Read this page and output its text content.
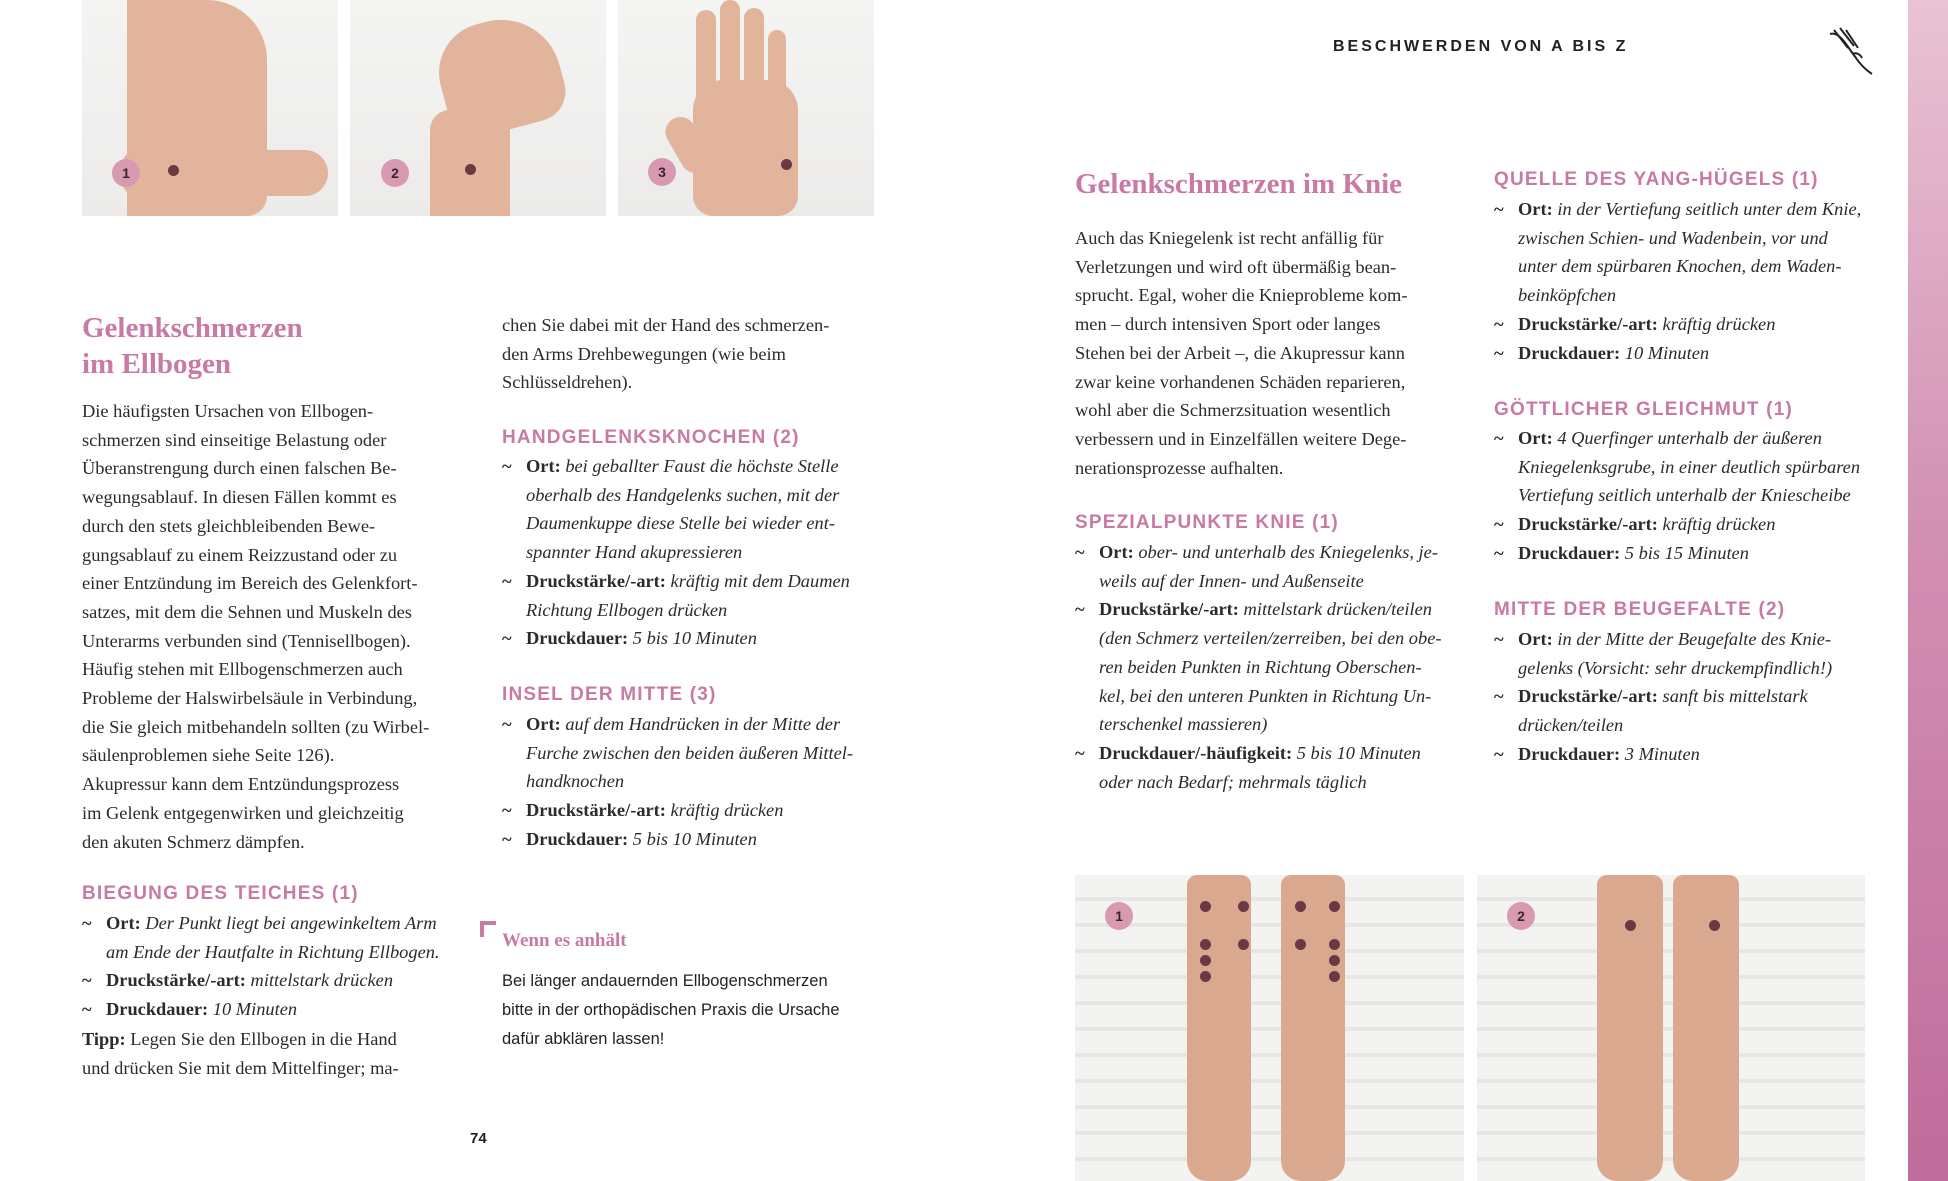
BESCHWERDEN VON A BIS Z
1	2	3
Gelenkschmerzen
im Ellbogen

Die häufigsten Ursachen von Ellbogen-

schmerzen sind einseitige Belastung oder

Überanstrengung durch einen falschen Be-

wegungsablauf. In diesen Fällen kommt es

durch den stets gleichbleibenden Bewe-

gungsablauf zu einem Reizzustand oder zu

einer Entzündung im Bereich des Gelenkfort-

satzes, mit dem die Sehnen und Muskeln des

Unterarms verbunden sind (Tennisellbogen).

Häufig stehen mit Ellbogenschmerzen auch

Probleme der Halswirbelsäule in Verbindung,

die Sie gleich mitbehandeln sollten (zu Wirbel-

säulenproblemen siehe Seite 126).

Akupressur kann dem Entzündungsprozess

im Gelenk entgegenwirken und gleichzeitig

den akuten Schmerz dämpfen.

BIEGUNG DES TEICHES (1)
~ Ort: Der Punkt liegt bei angewinkeltem Arm
am Ende der Hautfalte in Richtung Ellbogen.
~ Druckstärke/-art: mittelstark drücken
~ Druckdauer: 10 Minuten

Tipp: Legen Sie den Ellbogen in die Hand

und drücken Sie mit dem Mittelfinger; ma-

chen Sie dabei mit der Hand des schmerzen-

den Arms Drehbewegungen (wie beim

Schlüsseldrehen).

HANDGELENKSKNOCHEN (2)
~ Ort: bei geballter Faust die höchste Stelle
oberhalb des Handgelenks suchen, mit der
Daumenkuppe diese Stelle bei wieder ent-
spannter Hand akupressieren
~ Druckstärke/-art: kräftig mit dem Daumen
Richtung Ellbogen drücken
~ Druckdauer: 5 bis 10 Minuten
INSEL DER MITTE (3)
~ Ort: auf dem Handrücken in der Mitte der
Furche zwischen den beiden äußeren Mittel-
handknochen
~ Druckstärke/-art: kräftig drücken
~ Druckdauer: 5 bis 10 Minuten
Wenn es anhält
Bei länger andauernden Ellbogenschmerzen
bitte in der orthopädischen Praxis die Ursache
dafür abklären lassen!
74
Gelenkschmerzen im Knie

Auch das Kniegelenk ist recht anfällig für

Verletzungen und wird oft übermäßig bean-

sprucht. Egal, woher die Knieprobleme kom-

men – durch intensiven Sport oder langes

Stehen bei der Arbeit –, die Akupressur kann

zwar keine vorhandenen Schäden reparieren,

wohl aber die Schmerzsituation wesentlich

verbessern und in Einzelfällen weitere Dege-

nerationsprozesse aufhalten.

SPEZIALPUNKTE KNIE (1)
~ Ort: ober- und unterhalb des Kniegelenks, je-
weils auf der Innen- und Außenseite
~ Druckstärke/-art: mittelstark drücken/teilen
(den Schmerz verteilen/zerreiben, bei den obe-
ren beiden Punkten in Richtung Oberschen-
kel, bei den unteren Punkten in Richtung Un-
terschenkel massieren)
~ Druckdauer/-häufigkeit: 5 bis 10 Minuten
oder nach Bedarf; mehrmals täglich
QUELLE DES YANG-HÜGELS (1)
~ Ort: in der Vertiefung seitlich unter dem Knie,
zwischen Schien- und Wadenbein, vor und
unter dem spürbaren Knochen, dem Waden-
beinköpfchen
~ Druckstärke/-art: kräftig drücken
~ Druckdauer: 10 Minuten
GÖTTLICHER GLEICHMUT (1)
~ Ort: 4 Querfinger unterhalb der äußeren
Kniegelenksgrube, in einer deutlich spürbaren
Vertiefung seitlich unterhalb der Kniescheibe
~ Druckstärke/-art: kräftig drücken
~ Druckdauer: 5 bis 15 Minuten
MITTE DER BEUGEFALTE (2)
~ Ort: in der Mitte der Beugefalte des Knie-
gelenks (Vorsicht: sehr druckempfindlich!)
~ Druckstärke/-art: sanft bis mittelstark
drücken/teilen
~ Druckdauer: 3 Minuten
1	2
